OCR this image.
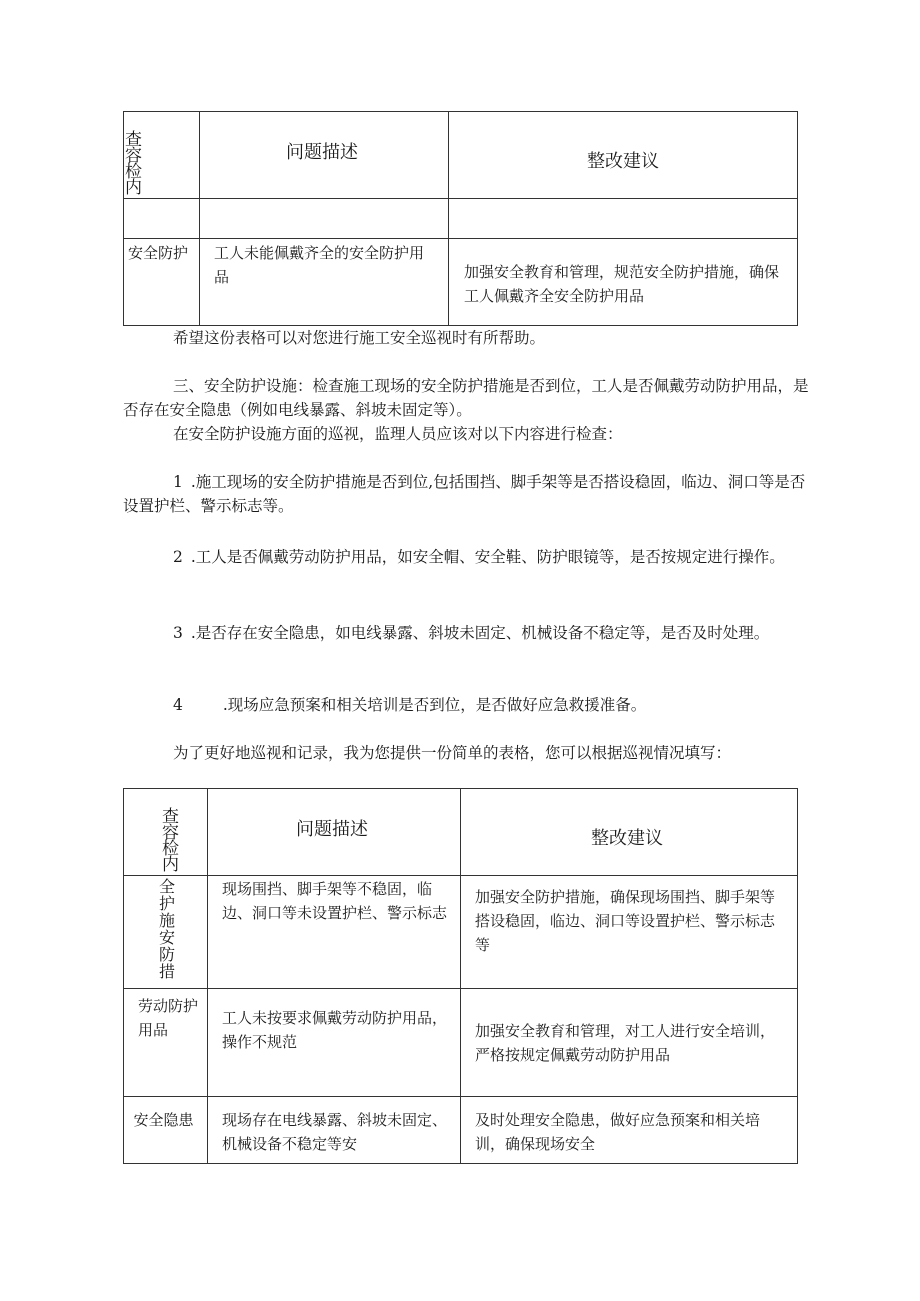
查容检内	问题描述	整改建议

安全防护	工人未能佩戴齐全的安全防护用品	加强安全教育和管理，规范安全防护措施，确保工人佩戴齐全安全防护用品
希望这份表格可以对您进行施工安全巡视时有所帮助。
三、安全防护设施：检查施工现场的安全防护措施是否到位，工人是否佩戴劳动防护用品，是否存在安全隐患（例如电线暴露、斜坡未固定等）。
在安全防护设施方面的巡视，监理人员应该对以下内容进行检查：
1 .施工现场的安全防护措施是否到位,包括围挡、脚手架等是否搭设稳固，临边、洞口等是否设置护栏、警示标志等。
2 .工人是否佩戴劳动防护用品，如安全帽、安全鞋、防护眼镜等，是否按规定进行操作。
3 .是否存在安全隐患，如电线暴露、斜坡未固定、机械设备不稳定等，是否及时处理。
4	.现场应急预案和相关培训是否到位，是否做好应急救援准备。
为了更好地巡视和记录，我为您提供一份简单的表格，您可以根据巡视情况填写：
查容检内	问题描述	整改建议

全护施安防措	现场围挡、脚手架等不稳固，临边、洞口等未设置护栏、警示标志	加强安全防护措施，确保现场围挡、脚手架等搭设稳固，临边、洞口等设置护栏、警示标志等

劳动防护用品	工人未按要求佩戴劳动防护用品，操作不规范	加强安全教育和管理，对工人进行安全培训，严格按规定佩戴劳动防护用品

安全隐患	现场存在电线暴露、斜坡未固定、机械设备不稳定等安	及时处理安全隐患，做好应急预案和相关培训，确保现场安全
